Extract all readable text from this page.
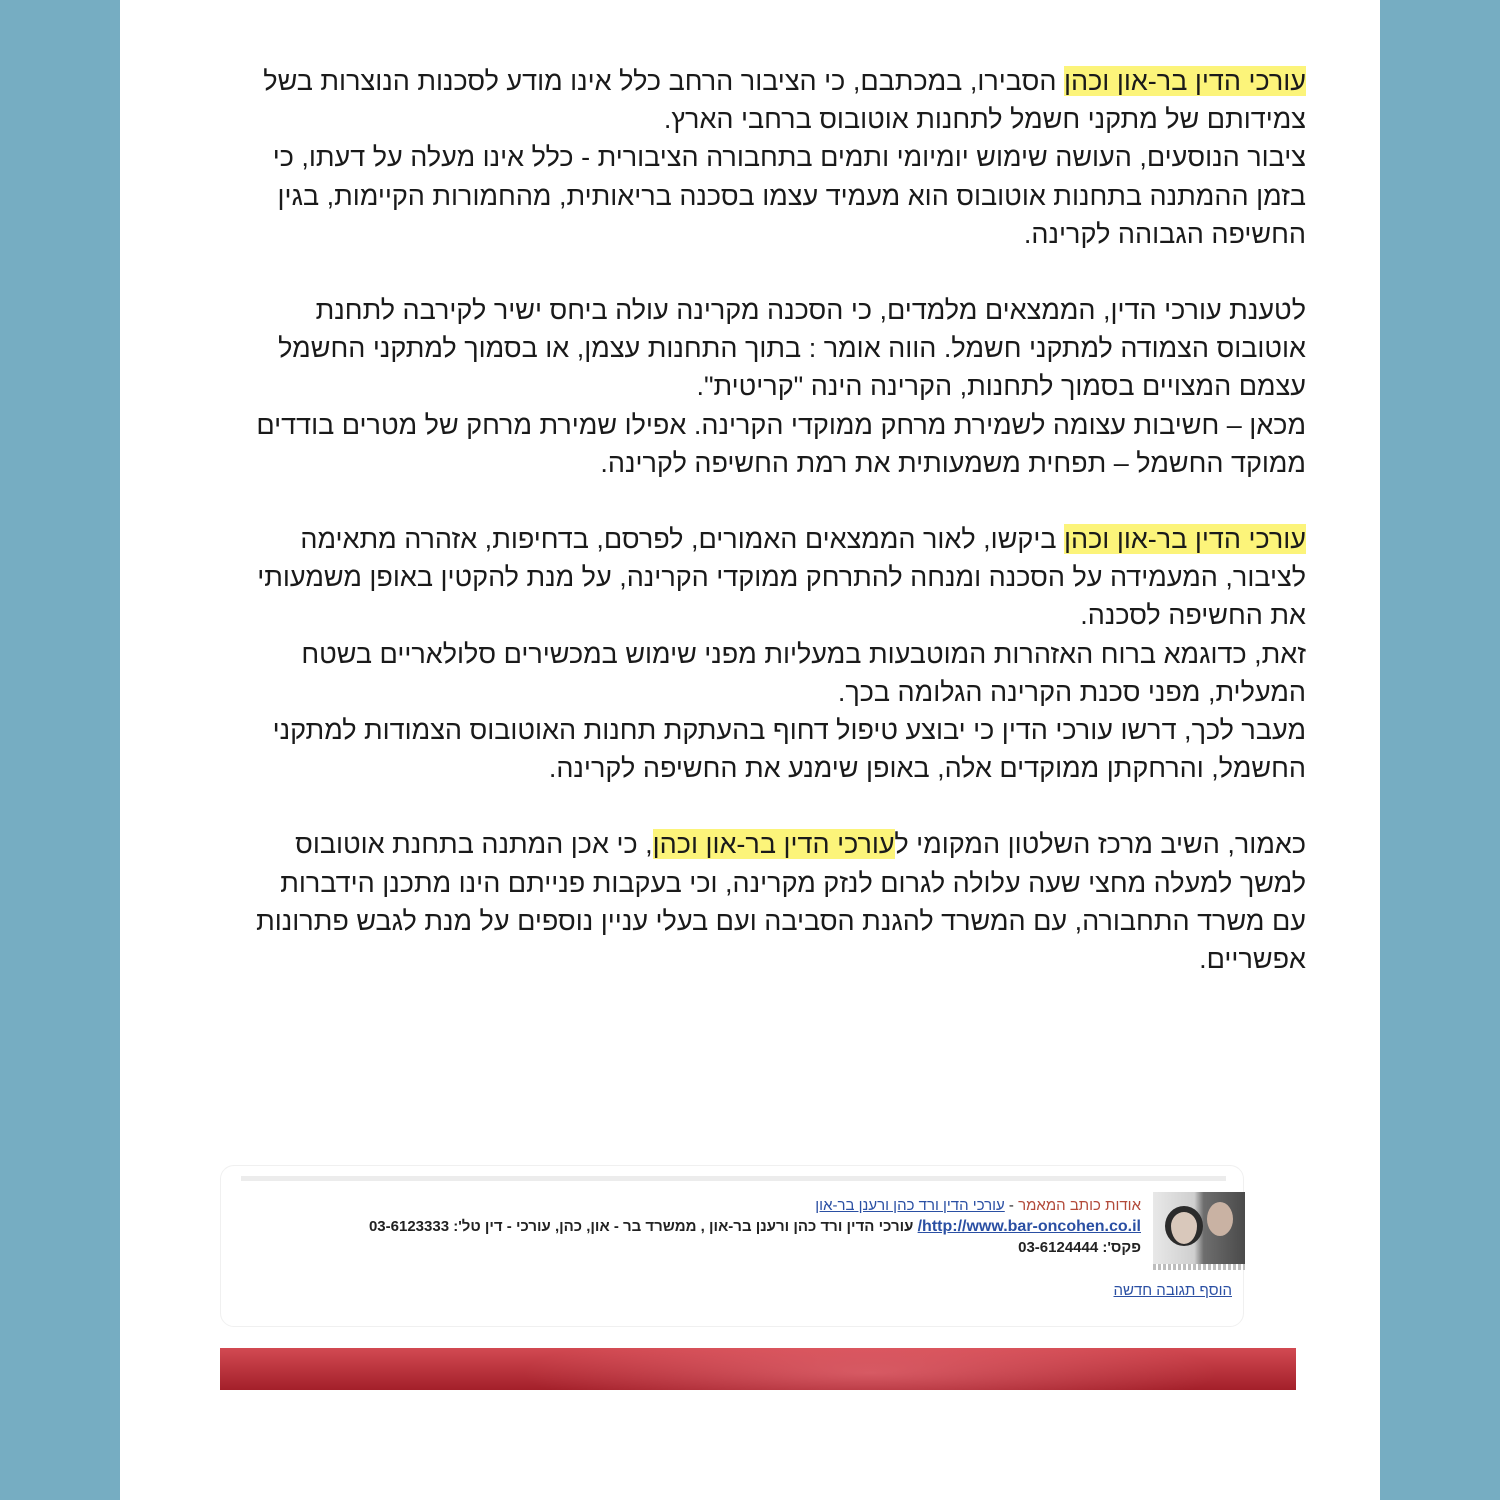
עורכי הדין בר-און וכהן הסבירו, במכתבם, כי הציבור הרחב כלל אינו מודע לסכנות הנוצרות בשל צמידותם של מתקני חשמל לתחנות אוטובוס ברחבי הארץ.
ציבור הנוסעים, העושה שימוש יומיומי ותמים בתחבורה הציבורית - כלל אינו מעלה על דעתו, כי בזמן ההמתנה בתחנות אוטובוס הוא מעמיד עצמו בסכנה בריאותית, מהחמורות הקיימות, בגין החשיפה הגבוהה לקרינה.

לטענת עורכי הדין, הממצאים מלמדים, כי הסכנה מקרינה עולה ביחס ישיר לקירבה לתחנת אוטובוס הצמודה למתקני חשמל. הווה אומר : בתוך התחנות עצמן, או בסמוך למתקני החשמל עצמם המצויים בסמוך לתחנות, הקרינה הינה "קריטית".
מכאן – חשיבות עצומה לשמירת מרחק ממוקדי הקרינה. אפילו שמירת מרחק של מטרים בודדים ממוקד החשמל – תפחית משמעותית את רמת החשיפה לקרינה.

עורכי הדין בר-און וכהן ביקשו, לאור הממצאים האמורים, לפרסם, בדחיפות, אזהרה מתאימה לציבור, המעמידה על הסכנה ומנחה להתרחק ממוקדי הקרינה, על מנת להקטין באופן משמעותי את החשיפה לסכנה.
זאת, כדוגמא ברוח האזהרות המוטבעות במעליות מפני שימוש במכשירים סלולאריים בשטח המעלית, מפני סכנת הקרינה הגלומה בכך.
מעבר לכך, דרשו עורכי הדין כי יבוצע טיפול דחוף בהעתקת תחנות האוטובוס הצמודות למתקני החשמל, והרחקתן ממוקדים אלה, באופן שימנע את החשיפה לקרינה.

כאמור, השיב מרכז השלטון המקומי לעורכי הדין בר-און וכהן, כי אכן המתנה בתחנת אוטובוס למשך למעלה מחצי שעה עלולה לגרום לנזק מקרינה, וכי בעקבות פנייתם הינו מתכנן הידברות עם משרד התחבורה, עם המשרד להגנת הסביבה ועם בעלי עניין נוספים על מנת לגבש פתרונות אפשריים.

אודות כותב המאמר - עורכי הדין ורד כהן ורענן בר-און
http://www.bar-oncohen.co.il/ עורכי הדין ורד כהן ורענן בר-און , ממשרד בר - און, כהן, עורכי - דין טל': 03-6123333
פקס': 03-6124444
הוסף תגובה חדשה
